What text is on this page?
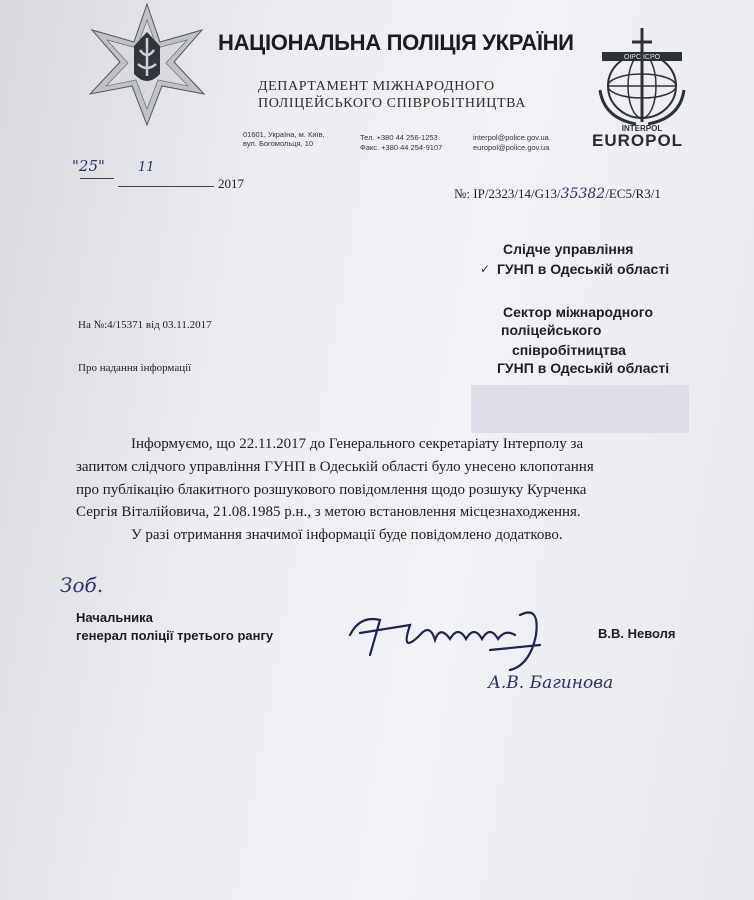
НАЦІОНАЛЬНА ПОЛІЦІЯ УКРАЇНИ
ДЕПАРТАМЕНТ МІЖНАРОДНОГО
ПОЛІЦЕЙСЬКОГО СПІВРОБІТНИЦТВА
01601, Україна, м. Київ,
вул. Богомольця, 10
Тел. +380 44 256-1253
Факс. +380 44 254-9107
interpol@police.gov.ua
europol@police.gov.ua
OIPC ICPO
INTERPOL
EUROPOL
"25"	11
2017
№: IP/2323/14/G13/35382/EC5/R3/1
Слідче управління
✓ ГУНП в Одеській області
Сектор міжнародного
поліцейського
співробітництва
ГУНП в Одеській області
На №:4/15371 від 03.11.2017
Про надання інформації
Інформуємо, що 22.11.2017 до Генерального секретаріату Інтерполу за
запитом слідчого управління ГУНП в Одеській області було унесено клопотання
про публікацію блакитного розшукового повідомлення щодо розшуку Курченка
Сергія Віталійовича, 21.08.1985 р.н., з метою встановлення місцезнаходження.
У разі отримання значимої інформації буде повідомлено додатково.
Зоб.
Начальника
генерал поліції третього рангу	В.В. Неволя
А.В. Багинова
